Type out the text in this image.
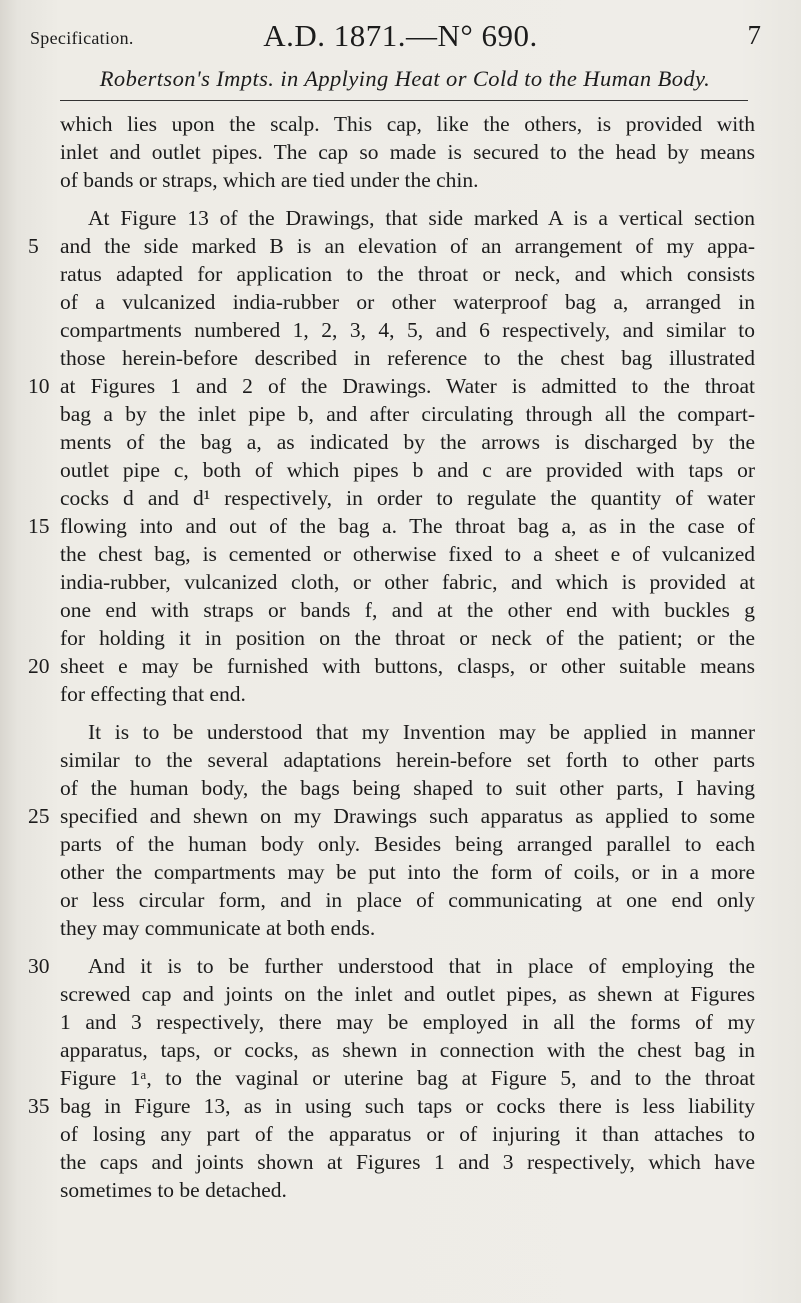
Specification.	A.D. 1871.—N° 690.	7
Robertson's Impts. in Applying Heat or Cold to the Human Body.
which lies upon the scalp. This cap, like the others, is provided with
inlet and outlet pipes. The cap so made is secured to the head by means
of bands or straps, which are tied under the chin.
At Figure 13 of the Drawings, that side marked A is a vertical section
and the side marked B is an elevation of an arrangement of my appa-
ratus adapted for application to the throat or neck, and which consists
of a vulcanized india-rubber or other waterproof bag a, arranged in
compartments numbered 1, 2, 3, 4, 5, and 6 respectively, and similar to
those herein-before described in reference to the chest bag illustrated
at Figures 1 and 2 of the Drawings. Water is admitted to the throat
bag a by the inlet pipe b, and after circulating through all the compart-
ments of the bag a, as indicated by the arrows is discharged by the
outlet pipe c, both of which pipes b and c are provided with taps or
cocks d and d¹ respectively, in order to regulate the quantity of water
flowing into and out of the bag a. The throat bag a, as in the case of
the chest bag, is cemented or otherwise fixed to a sheet e of vulcanized
india-rubber, vulcanized cloth, or other fabric, and which is provided at
one end with straps or bands f, and at the other end with buckles g
for holding it in position on the throat or neck of the patient; or the
sheet e may be furnished with buttons, clasps, or other suitable means
for effecting that end.
It is to be understood that my Invention may be applied in manner
similar to the several adaptations herein-before set forth to other parts
of the human body, the bags being shaped to suit other parts, I having
specified and shewn on my Drawings such apparatus as applied to some
parts of the human body only. Besides being arranged parallel to each
other the compartments may be put into the form of coils, or in a more
or less circular form, and in place of communicating at one end only
they may communicate at both ends.
And it is to be further understood that in place of employing the
screwed cap and joints on the inlet and outlet pipes, as shewn at Figures
1 and 3 respectively, there may be employed in all the forms of my
apparatus, taps, or cocks, as shewn in connection with the chest bag in
Figure 1ᵃ, to the vaginal or uterine bag at Figure 5, and to the throat
bag in Figure 13, as in using such taps or cocks there is less liability
of losing any part of the apparatus or of injuring it than attaches to
the caps and joints shown at Figures 1 and 3 respectively, which have
sometimes to be detached.
5
10
15
20
25
30
35
